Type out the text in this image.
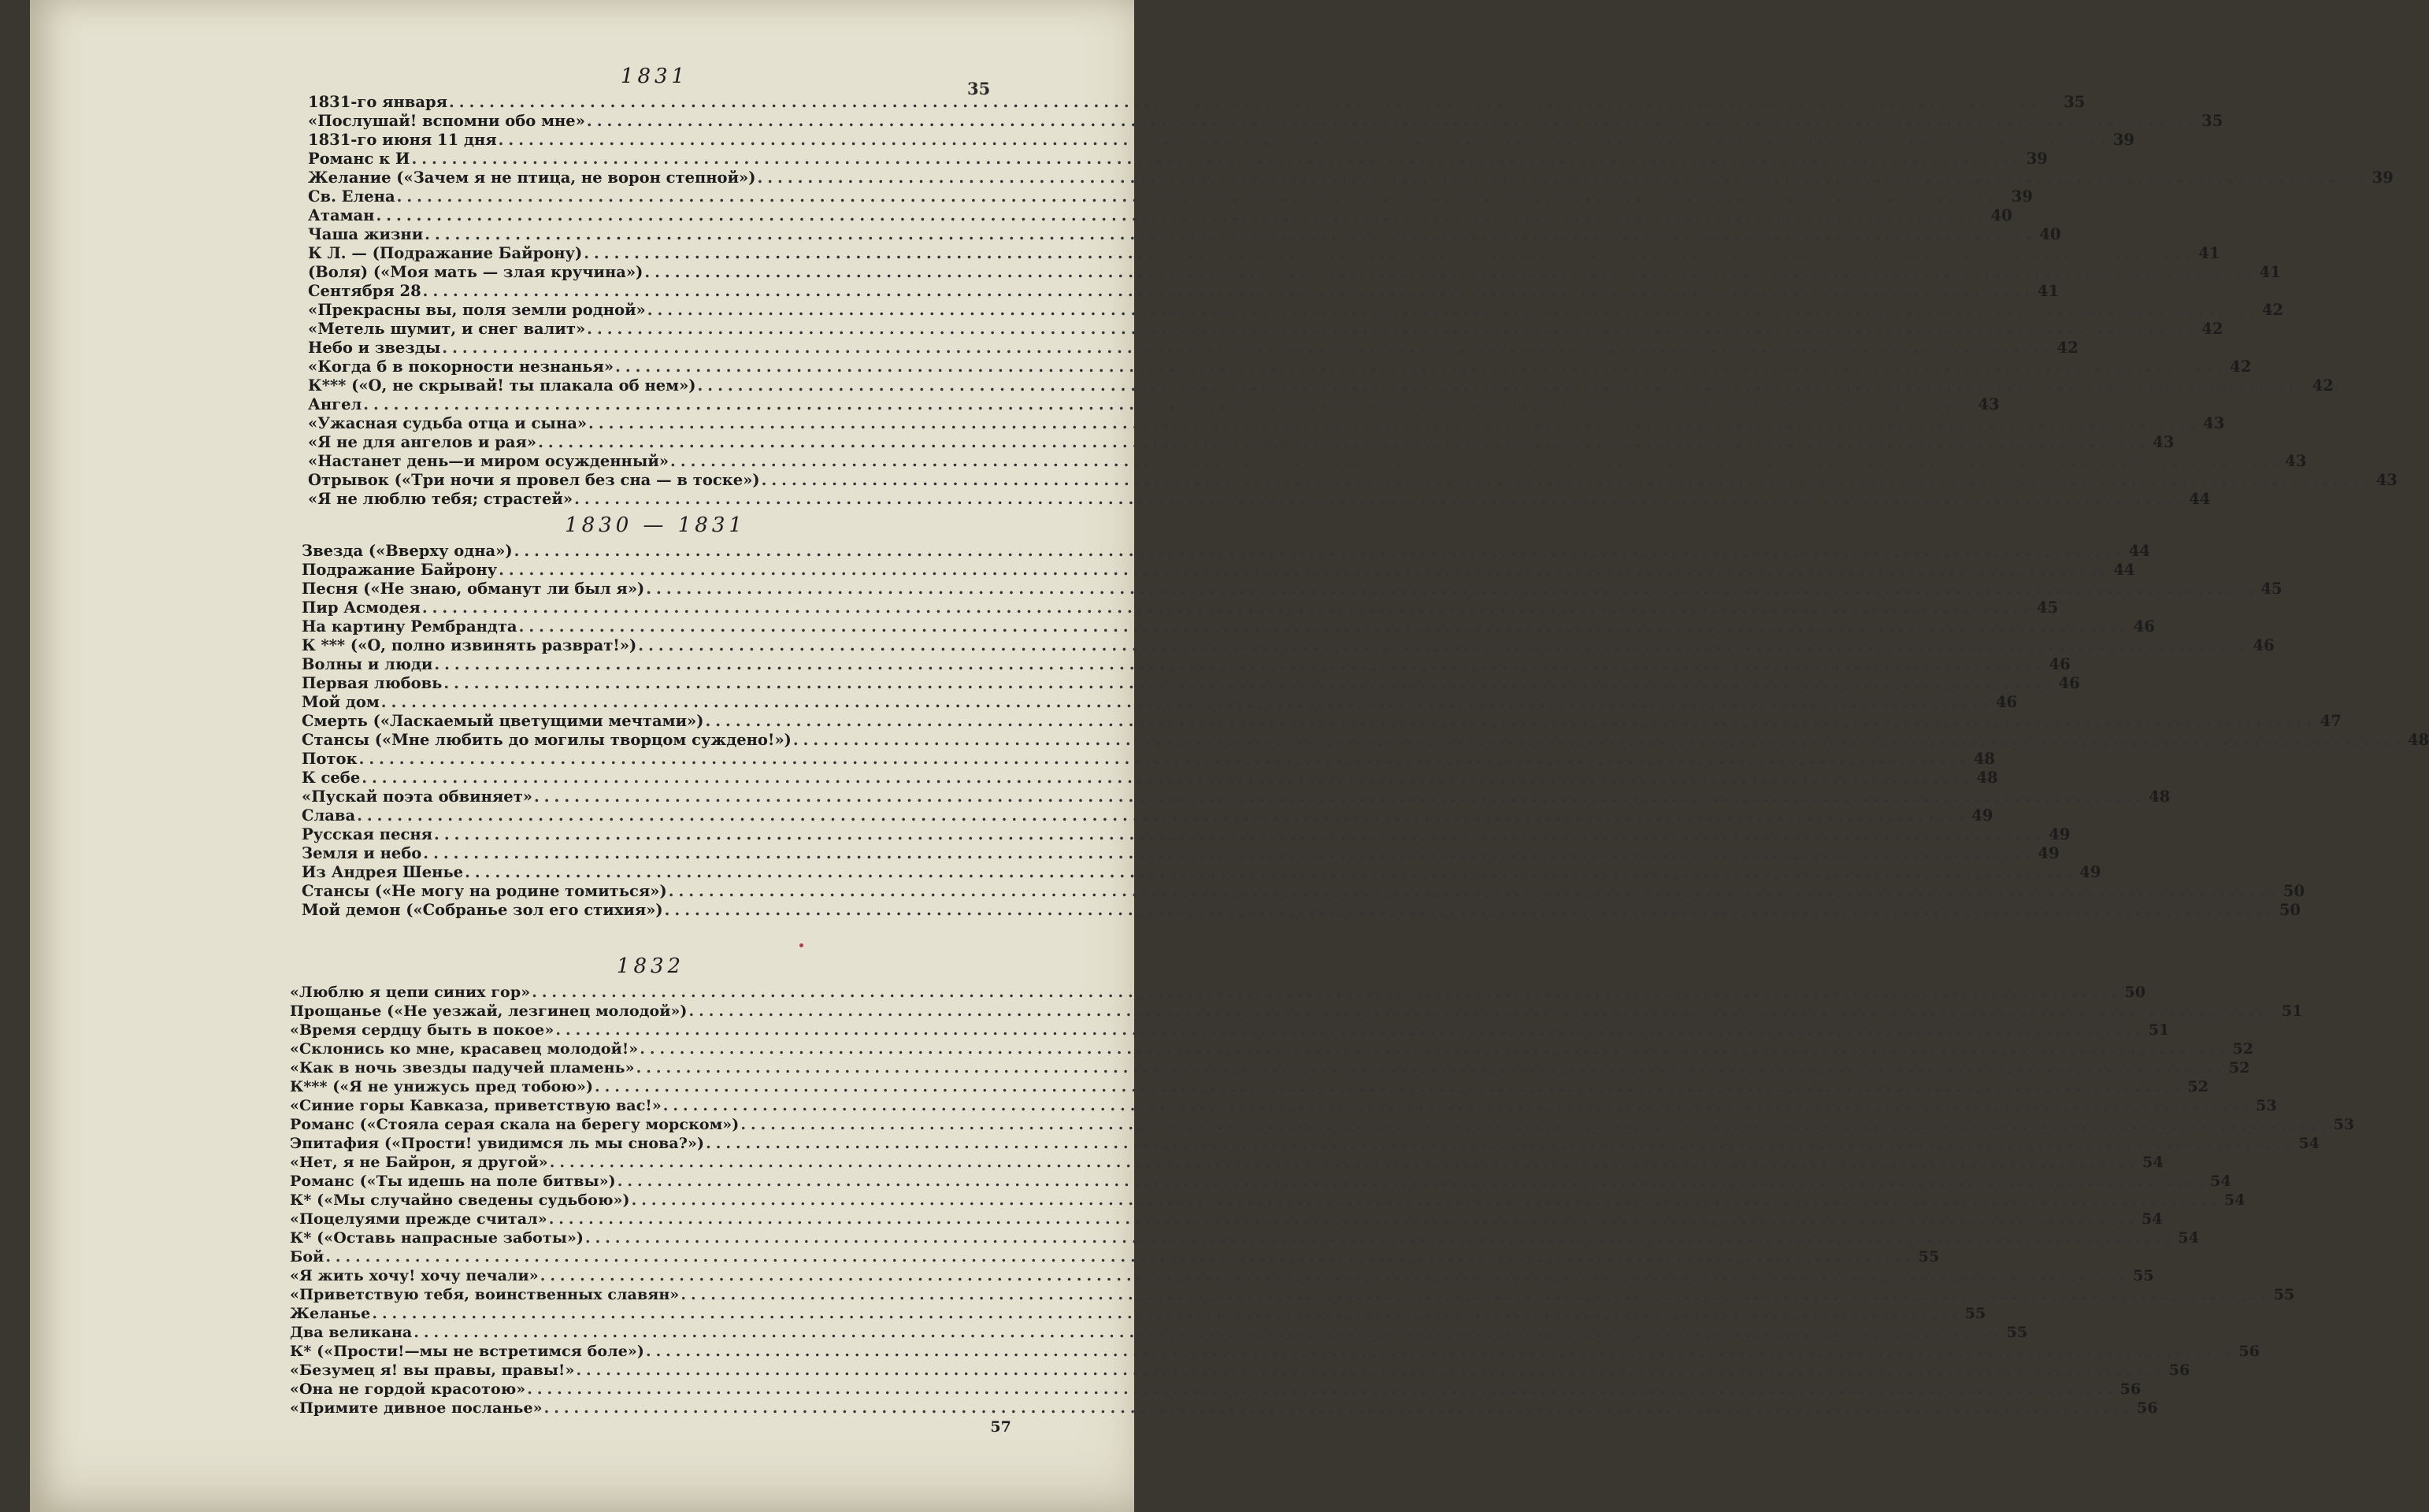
35
1831
1831-го января ................................................................................................................................................................ 35
«Послушай! вспомни обо мне» ................................................................................................................................................................ 35
1831-го июня 11 дня ................................................................................................................................................................ 39
Романс к И ................................................................................................................................................................ 39
Желание («Зачем я не птица, не ворон степной») ................................................................................................................................................................ 39
Св. Елена ................................................................................................................................................................ 39
Атаман ................................................................................................................................................................ 40
Чаша жизни ................................................................................................................................................................ 40
К Л. — (Подражание Байрону) ................................................................................................................................................................ 41
(Воля) («Моя мать — злая кручина») ................................................................................................................................................................ 41
Сентября 28 ................................................................................................................................................................ 41
«Прекрасны вы, поля земли родной» ................................................................................................................................................................ 42
«Метель шумит, и снег валит» ................................................................................................................................................................ 42
Небо и звезды ................................................................................................................................................................ 42
«Когда б в покорности незнанья» ................................................................................................................................................................ 42
К*** («О, не скрывай! ты плакала об нем») ................................................................................................................................................................ 42
Ангел ................................................................................................................................................................ 43
«Ужасная судьба отца и сына» ................................................................................................................................................................ 43
«Я не для ангелов и рая» ................................................................................................................................................................ 43
«Настанет день—и миром осужденный» ................................................................................................................................................................ 43
Отрывок («Три ночи я провел без сна — в тоске») ................................................................................................................................................................ 43
«Я не люблю тебя; страстей» ................................................................................................................................................................ 44
1830 — 1831
Звезда («Вверху одна») ................................................................................................................................................................ 44
Подражание Байрону ................................................................................................................................................................ 44
Песня («Не знаю, обманут ли был я») ................................................................................................................................................................ 45
Пир Асмодея ................................................................................................................................................................ 45
На картину Рембрандта ................................................................................................................................................................ 46
К *** («О, полно извинять разврат!») ................................................................................................................................................................ 46
Волны и люди ................................................................................................................................................................ 46
Первая любовь ................................................................................................................................................................ 46
Мой дом ................................................................................................................................................................ 46
Смерть («Ласкаемый цветущими мечтами») ................................................................................................................................................................ 47
Стансы («Мне любить до могилы творцом суждено!») ................................................................................................................................................................ 48
Поток ................................................................................................................................................................ 48
К себе ................................................................................................................................................................ 48
«Пускай поэта обвиняет» ................................................................................................................................................................ 48
Слава ................................................................................................................................................................ 49
Русская песня ................................................................................................................................................................ 49
Земля и небо ................................................................................................................................................................ 49
Из Андрея Шенье ................................................................................................................................................................ 49
Стансы («Не могу на родине томиться») ................................................................................................................................................................ 50
Мой демон («Собранье зол его стихия») ................................................................................................................................................................ 50
1832
«Люблю я цепи синих гор» ................................................................................................................................................................ 50
Прощанье («Не уезжай, лезгинец молодой») ................................................................................................................................................................ 51
«Время сердцу быть в покое» ................................................................................................................................................................ 51
«Склонись ко мне, красавец молодой!» ................................................................................................................................................................ 52
«Как в ночь звезды падучей пламень» ................................................................................................................................................................ 52
К*** («Я не унижусь пред тобою») ................................................................................................................................................................ 52
«Синие горы Кавказа, приветствую вас!» ................................................................................................................................................................ 53
Романс («Стояла серая скала на берегу морском») ................................................................................................................................................................ 53
Эпитафия («Прости! увидимся ль мы снова?») ................................................................................................................................................................ 54
«Нет, я не Байрон, я другой» ................................................................................................................................................................ 54
Романс («Ты идешь на поле битвы») ................................................................................................................................................................ 54
К* («Мы случайно сведены судьбою») ................................................................................................................................................................ 54
«Поцелуями прежде считал» ................................................................................................................................................................ 54
К* («Оставь напрасные заботы») ................................................................................................................................................................ 54
Бой ................................................................................................................................................................ 55
«Я жить хочу! хочу печали» ................................................................................................................................................................ 55
«Приветствую тебя, воинственных славян» ................................................................................................................................................................ 55
Желанье ................................................................................................................................................................ 55
Два великана ................................................................................................................................................................ 55
К* («Прости!—мы не встретимся боле») ................................................................................................................................................................ 56
«Безумец я! вы правы, правы!» ................................................................................................................................................................ 56
«Она не гордой красотою» ................................................................................................................................................................ 56
«Примите дивное посланье» ................................................................................................................................................................ 56
57
